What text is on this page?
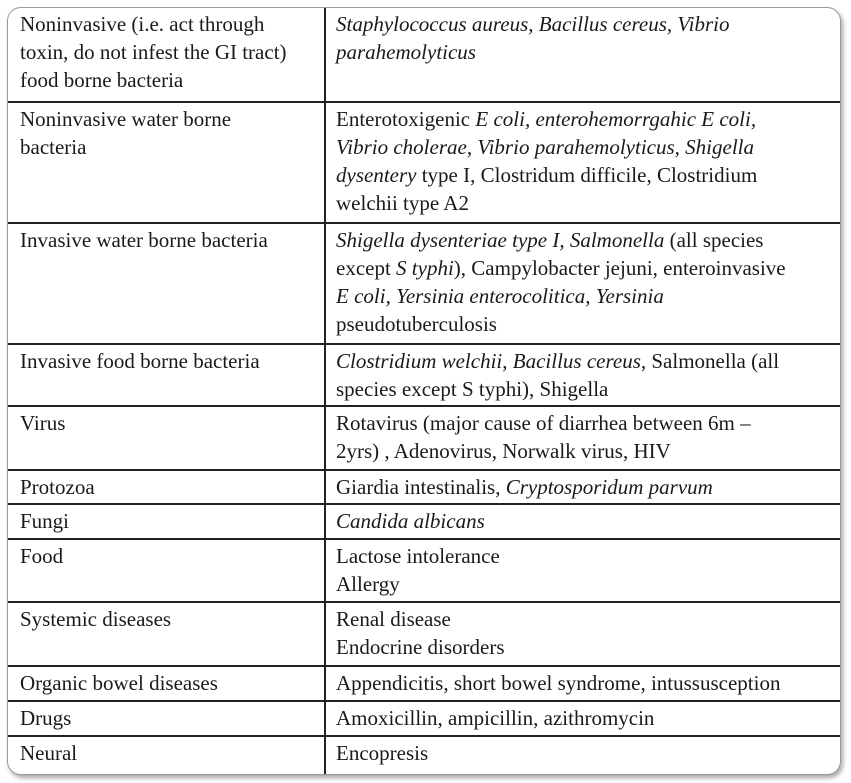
Noninvasive (i.e. act through
toxin, do not infest the GI tract)
food borne bacteria	Staphylococcus aureus, Bacillus cereus, Vibrio
parahemolyticus

Noninvasive water borne
bacteria	Enterotoxigenic E coli, enterohemorrgahic E coli,
Vibrio cholerae, Vibrio parahemolyticus, Shigella
dysentery type I, Clostridum difficile, Clostridium
welchii type A2

Invasive water borne bacteria	Shigella dysenteriae type I, Salmonella (all species
except S typhi), Campylobacter jejuni, enteroinvasive
E coli, Yersinia enterocolitica, Yersinia
pseudotuberculosis

Invasive food borne bacteria	Clostridium welchii, Bacillus cereus, Salmonella (all
species except S typhi), Shigella

Virus	Rotavirus (major cause of diarrhea between 6m –
2yrs) , Adenovirus, Norwalk virus, HIV

Protozoa	Giardia intestinalis, Cryptosporidum parvum

Fungi	Candida albicans

Food	Lactose intolerance
Allergy

Systemic diseases	Renal disease
Endocrine disorders

Organic bowel diseases	Appendicitis, short bowel syndrome, intussusception

Drugs	Amoxicillin, ampicillin, azithromycin

Neural	Encopresis
